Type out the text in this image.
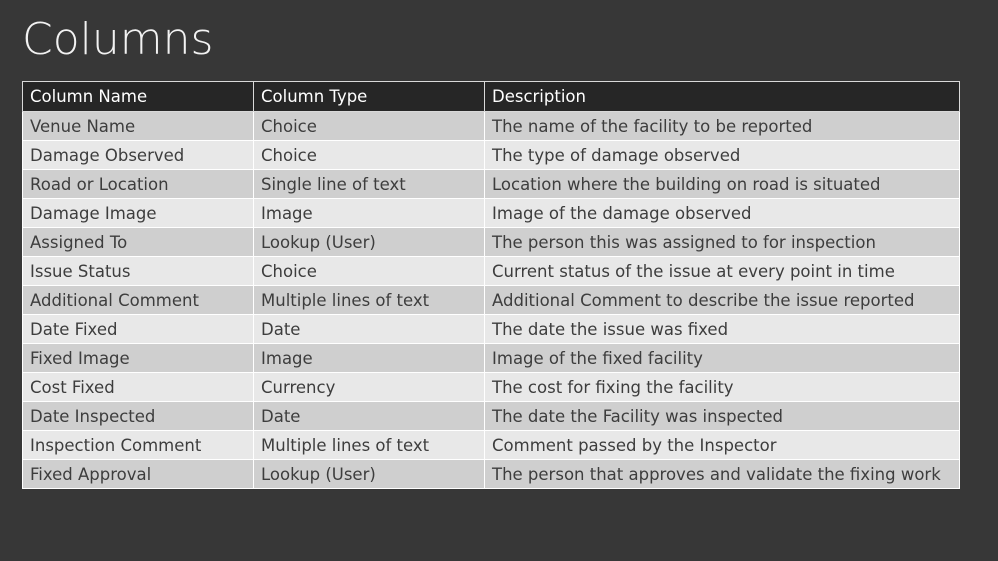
Columns
Column Name	Column Type	Description
Venue Name	Choice	The name of the facility to be reported
Damage Observed	Choice	The type of damage observed
Road or Location	Single line of text	Location where the building on road is situated
Damage Image	Image	Image of the damage observed
Assigned To	Lookup (User)	The person this was assigned to for inspection
Issue Status	Choice	Current status of the issue at every point in time
Additional Comment	Multiple lines of text	Additional Comment to describe the issue reported
Date Fixed	Date	The date the issue was fixed
Fixed Image	Image	Image of the fixed facility
Cost Fixed	Currency	The cost for fixing the facility
Date Inspected	Date	The date the Facility was inspected
Inspection Comment	Multiple lines of text	Comment passed by the Inspector
Fixed Approval	Lookup (User)	The person that approves and validate the fixing work
